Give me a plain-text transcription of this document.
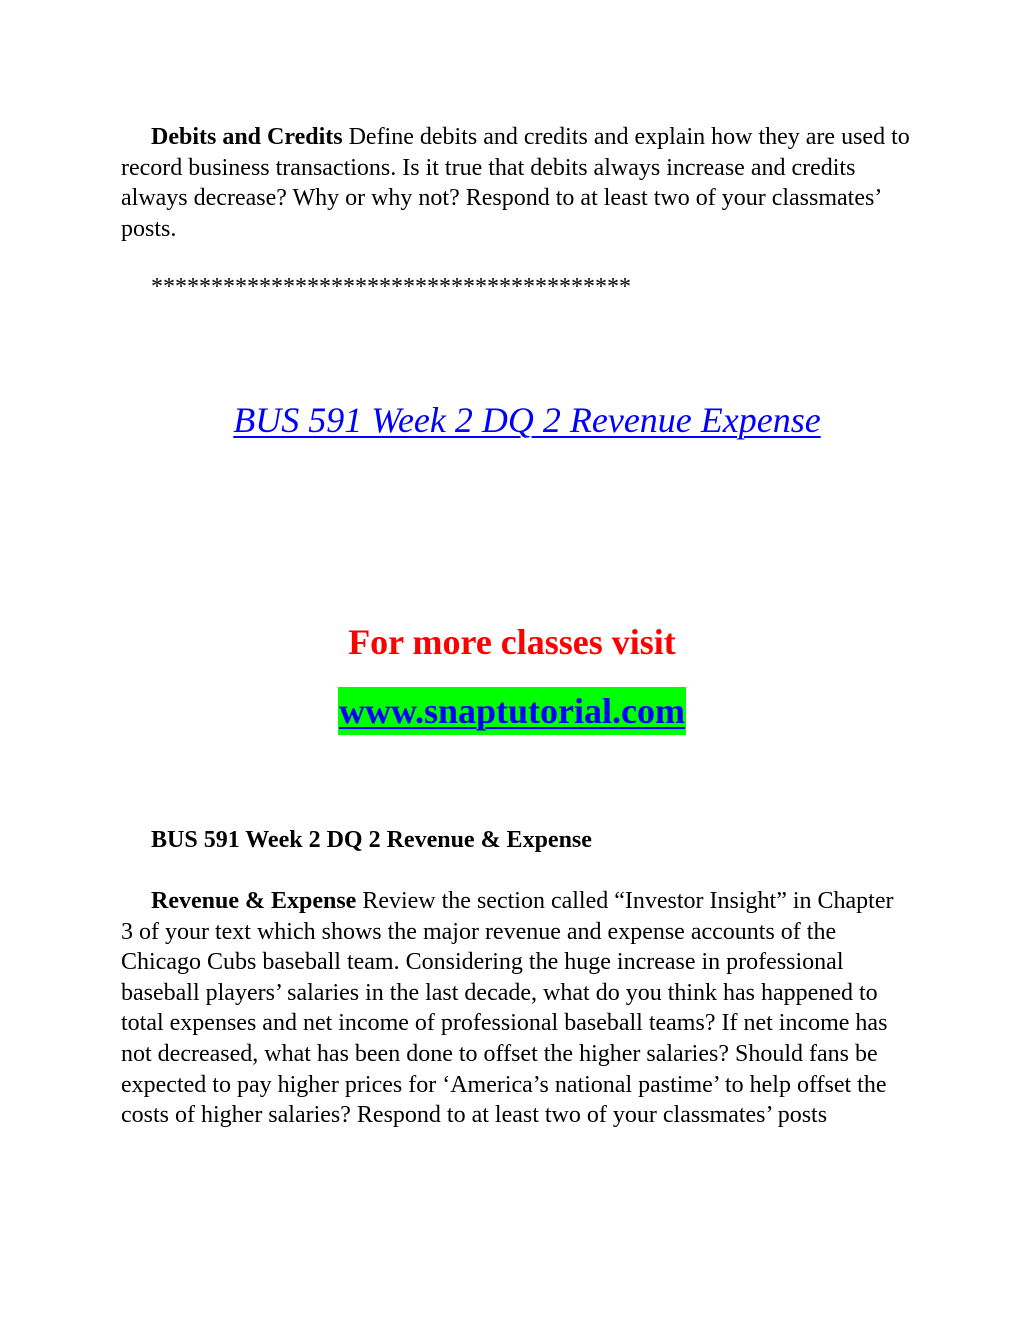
Debits and Credits Define debits and credits and explain how they are used to record business transactions. Is it true that debits always increase and credits always decrease? Why or why not? Respond to at least two of your classmates’ posts.

****************************************

BUS 591 Week 2 DQ 2 Revenue Expense
For more classes visit
www.snaptutorial.com

BUS 591 Week 2 DQ 2 Revenue & Expense

Revenue & Expense Review the section called “Investor Insight” in Chapter 3 of your text which shows the major revenue and expense accounts of the Chicago Cubs baseball team. Considering the huge increase in professional baseball players’ salaries in the last decade, what do you think has happened to total expenses and net income of professional baseball teams? If net income has not decreased, what has been done to offset the higher salaries? Should fans be expected to pay higher prices for ‘America’s national pastime’ to help offset the costs of higher salaries? Respond to at least two of your classmates’ posts
